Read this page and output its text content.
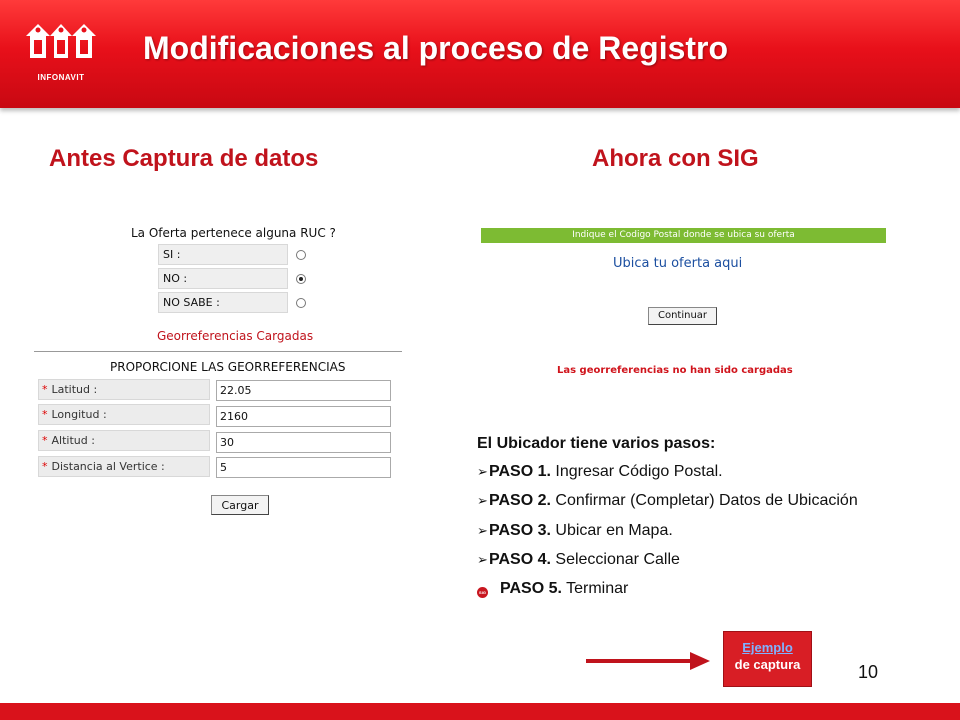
INFONAVIT
Modificaciones al proceso de Registro
Antes Captura de datos	Ahora con SIG
La Oferta pertenece alguna RUC ?
SI :
NO :
NO SABE :
Georreferencias Cargadas
PROPORCIONE LAS GEORREFERENCIAS
* Latitud :	22.05
* Longitud :	2160
* Altitud :	30
* Distancia al Vertice :	5
Cargar
Indique el Codigo Postal donde se ubica su oferta
Ubica tu oferta aqui
Continuar
Las georreferencias no han sido cargadas
El Ubicador tiene varios pasos:
➢PASO 1. Ingresar Código Postal.
➢PASO 2. Confirmar (Completar) Datos de Ubicación
➢PASO 3. Ubicar en Mapa.
➢PASO 4. Seleccionar Calle
SIG PASO 5. Terminar
Ejemplo
de captura	10
